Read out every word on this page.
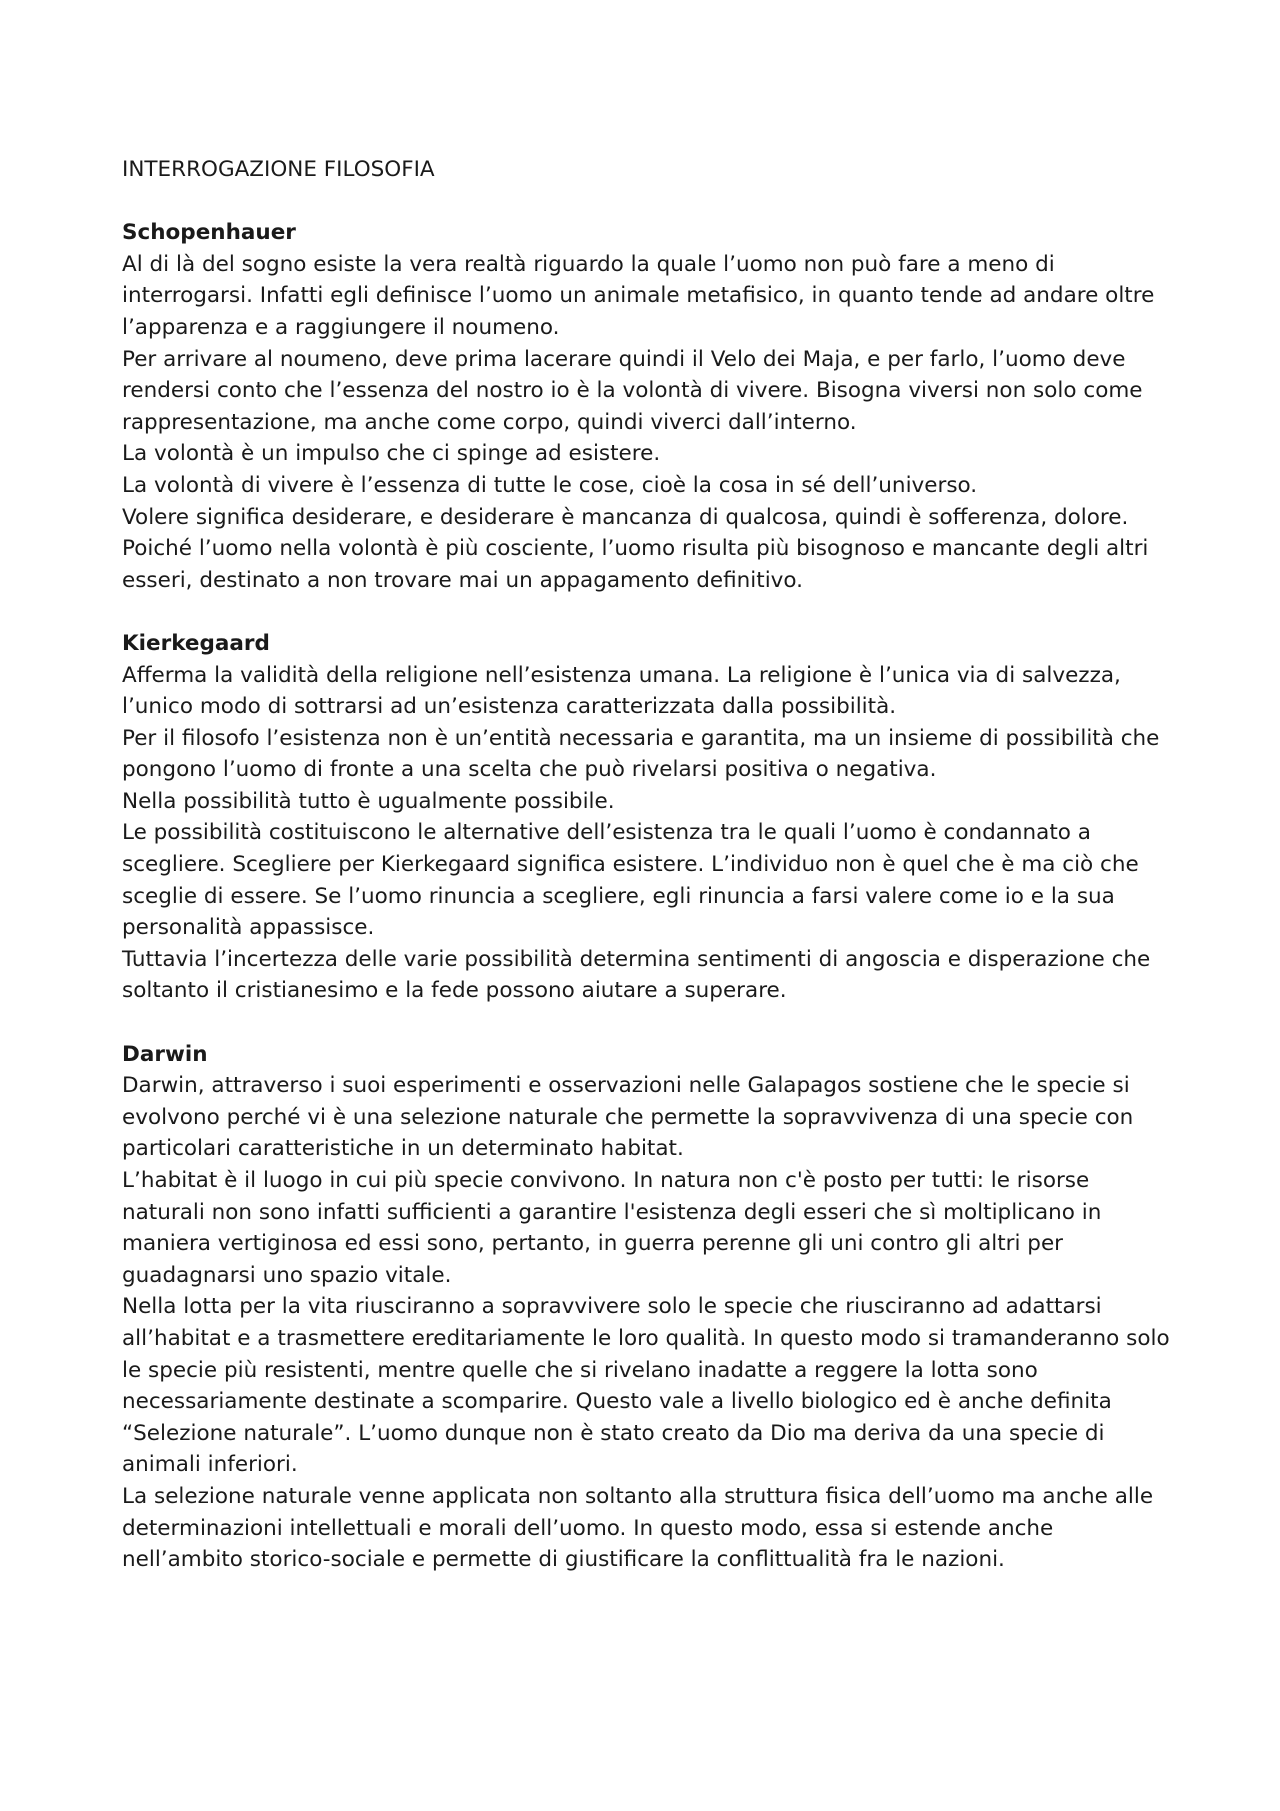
INTERROGAZIONE FILOSOFIA
Schopenhauer

Al di là del sogno esiste la vera realtà riguardo la quale l’uomo non può fare a meno di interrogarsi. Infatti egli definisce l’uomo un animale metafisico, in quanto tende ad andare oltre l’apparenza e a raggiungere il noumeno.

Per arrivare al noumeno, deve prima lacerare quindi il Velo dei Maja, e per farlo, l’uomo deve rendersi conto che l’essenza del nostro io è la volontà di vivere. Bisogna viversi non solo come rappresentazione, ma anche come corpo, quindi viverci dall’interno.

La volontà è un impulso che ci spinge ad esistere.

La volontà di vivere è l’essenza di tutte le cose, cioè la cosa in sé dell’universo.

Volere significa desiderare, e desiderare è mancanza di qualcosa, quindi è sofferenza, dolore.

Poiché l’uomo nella volontà è più cosciente, l’uomo risulta più bisognoso e mancante degli altri esseri, destinato a non trovare mai un appagamento definitivo.

Kierkegaard

Afferma la validità della religione nell’esistenza umana. La religione è l’unica via di salvezza, l’unico modo di sottrarsi ad un’esistenza caratterizzata dalla possibilità.

Per il filosofo l’esistenza non è un’entità necessaria e garantita, ma un insieme di possibilità che pongono l’uomo di fronte a una scelta che può rivelarsi positiva o negativa.

Nella possibilità tutto è ugualmente possibile.

Le possibilità costituiscono le alternative dell’esistenza tra le quali l’uomo è condannato a scegliere. Scegliere per Kierkegaard significa esistere. L’individuo non è quel che è ma ciò che sceglie di essere. Se l’uomo rinuncia a scegliere, egli rinuncia a farsi valere come io e la sua personalità appassisce.

Tuttavia l’incertezza delle varie possibilità determina sentimenti di angoscia e disperazione che soltanto il cristianesimo e la fede possono aiutare a superare.

Darwin

Darwin, attraverso i suoi esperimenti e osservazioni nelle Galapagos sostiene che le specie si evolvono perché vi è una selezione naturale che permette la sopravvivenza di una specie con particolari caratteristiche in un determinato habitat.

L’habitat è il luogo in cui più specie convivono. In natura non c'è posto per tutti: le risorse naturali non sono infatti sufficienti a garantire l'esistenza degli esseri che sì moltiplicano in maniera vertiginosa ed essi sono, pertanto, in guerra perenne gli uni contro gli altri per guadagnarsi uno spazio vitale.

Nella lotta per la vita riusciranno a sopravvivere solo le specie che riusciranno ad adattarsi all’habitat e a trasmettere ereditariamente le loro qualità. In questo modo si tramanderanno solo le specie più resistenti, mentre quelle che si rivelano inadatte a reggere la lotta sono necessariamente destinate a scomparire. Questo vale a livello biologico ed è anche definita “Selezione naturale”. L’uomo dunque non è stato creato da Dio ma deriva da una specie di animali inferiori.

La selezione naturale venne applicata non soltanto alla struttura fisica dell’uomo ma anche alle determinazioni intellettuali e morali dell’uomo. In questo modo, essa si estende anche nell’ambito storico-sociale e permette di giustificare la conflittualità fra le nazioni.
